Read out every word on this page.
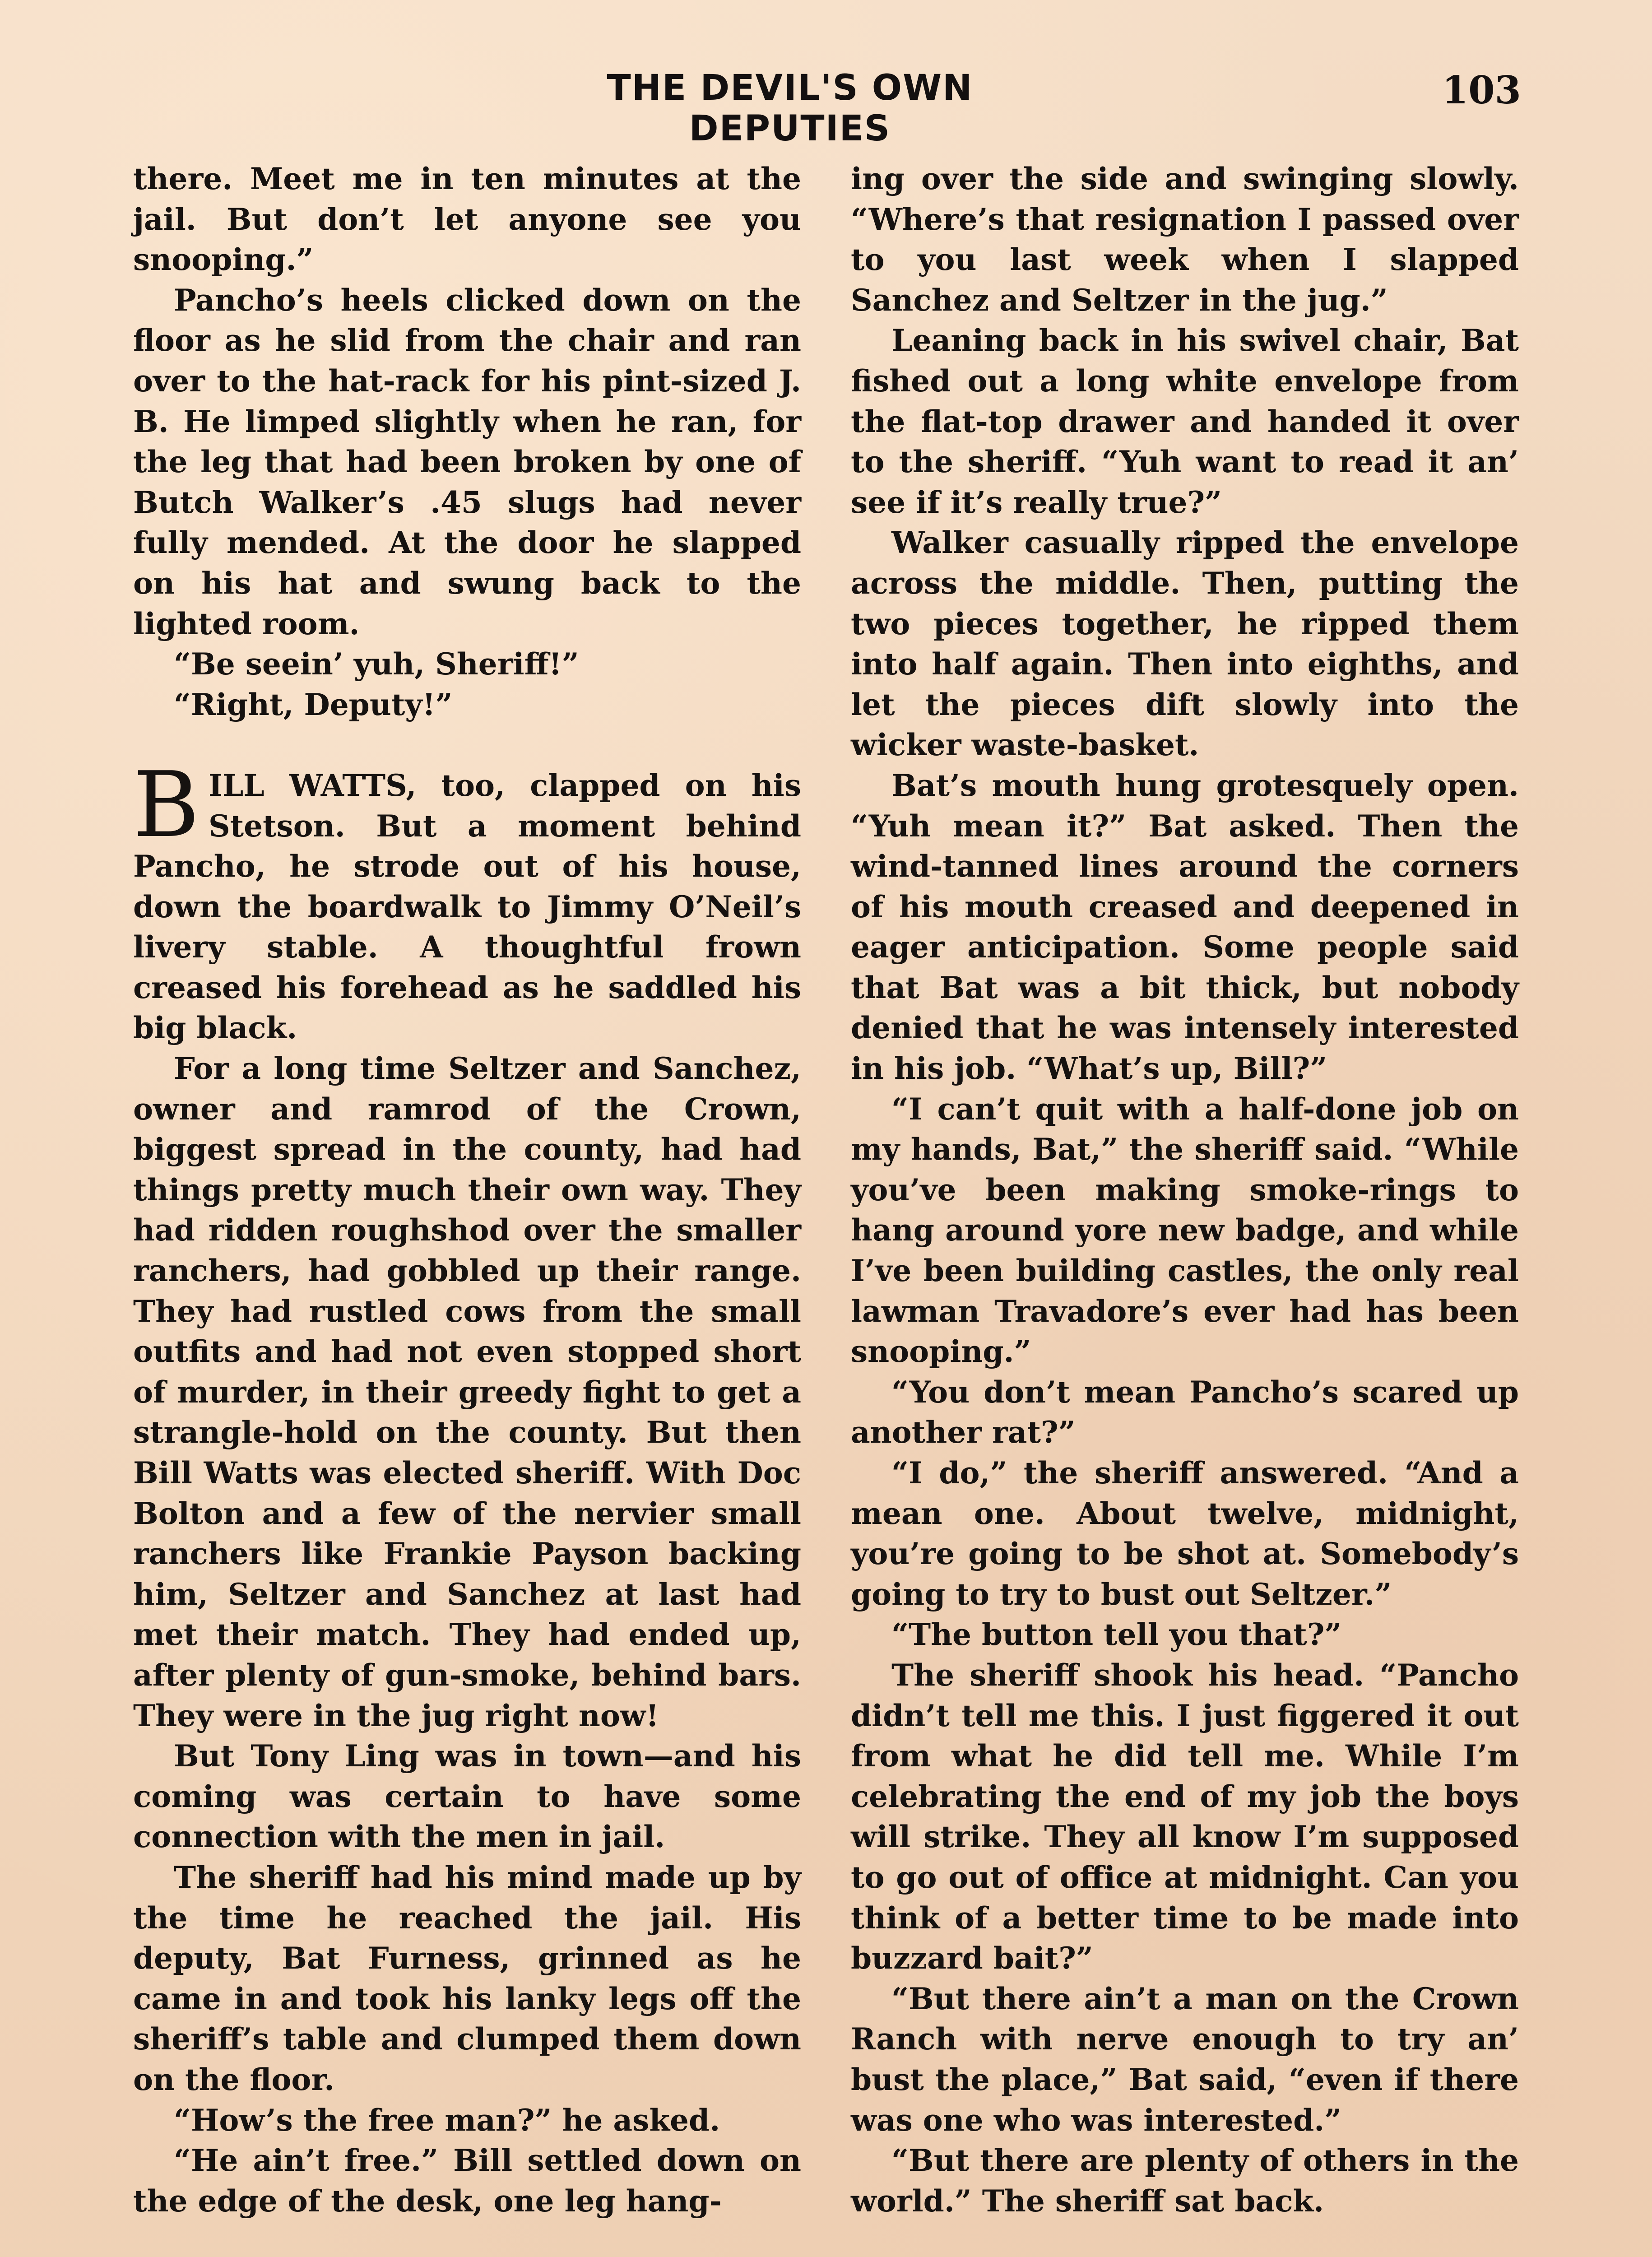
THE DEVIL'S OWN DEPUTIES
103

there. Meet me in ten minutes at the jail. But don’t let anyone see you snooping.”

Pancho’s heels clicked down on the floor as he slid from the chair and ran over to the hat-rack for his pint-sized J. B. He limped slightly when he ran, for the leg that had been broken by one of Butch Walker’s .45 slugs had never fully mended. At the door he slapped on his hat and swung back to the lighted room.

“Be seein’ yuh, Sheriff!”

“Right, Deputy!”

BILL WATTS, too, clapped on his Stetson. But a moment behind Pancho, he strode out of his house, down the boardwalk to Jimmy O’Neil’s livery stable. A thoughtful frown creased his forehead as he saddled his big black.

For a long time Seltzer and Sanchez, owner and ramrod of the Crown, biggest spread in the county, had had things pretty much their own way. They had ridden roughshod over the smaller ranchers, had gobbled up their range. They had rustled cows from the small outfits and had not even stopped short of murder, in their greedy fight to get a strangle-hold on the county. But then Bill Watts was elected sheriff. With Doc Bolton and a few of the nervier small ranchers like Frankie Payson backing him, Seltzer and Sanchez at last had met their match. They had ended up, after plenty of gun-smoke, behind bars. They were in the jug right now!

But Tony Ling was in town—and his coming was certain to have some connection with the men in jail.

The sheriff had his mind made up by the time he reached the jail. His deputy, Bat Furness, grinned as he came in and took his lanky legs off the sheriff’s table and clumped them down on the floor.

“How’s the free man?” he asked.

“He ain’t free.” Bill settled down on the edge of the desk, one leg hang-

ing over the side and swinging slowly. “Where’s that resignation I passed over to you last week when I slapped Sanchez and Seltzer in the jug.”

Leaning back in his swivel chair, Bat fished out a long white envelope from the flat-top drawer and handed it over to the sheriff. “Yuh want to read it an’ see if it’s really true?”

Walker casually ripped the envelope across the middle. Then, putting the two pieces together, he ripped them into half again. Then into eighths, and let the pieces dift slowly into the wicker waste-basket.

Bat’s mouth hung grotesquely open. “Yuh mean it?” Bat asked. Then the wind-tanned lines around the corners of his mouth creased and deepened in eager anticipation. Some people said that Bat was a bit thick, but nobody denied that he was intensely interested in his job. “What’s up, Bill?”

“I can’t quit with a half-done job on my hands, Bat,” the sheriff said. “While you’ve been making smoke-rings to hang around yore new badge, and while I’ve been building castles, the only real lawman Travadore’s ever had has been snooping.”

“You don’t mean Pancho’s scared up another rat?”

“I do,” the sheriff answered. “And a mean one. About twelve, midnight, you’re going to be shot at. Somebody’s going to try to bust out Seltzer.”

“The button tell you that?”

The sheriff shook his head. “Pancho didn’t tell me this. I just figgered it out from what he did tell me. While I’m celebrating the end of my job the boys will strike. They all know I’m supposed to go out of office at midnight. Can you think of a better time to be made into buzzard bait?”

“But there ain’t a man on the Crown Ranch with nerve enough to try an’ bust the place,” Bat said, “even if there was one who was interested.”

“But there are plenty of others in the world.” The sheriff sat back.
